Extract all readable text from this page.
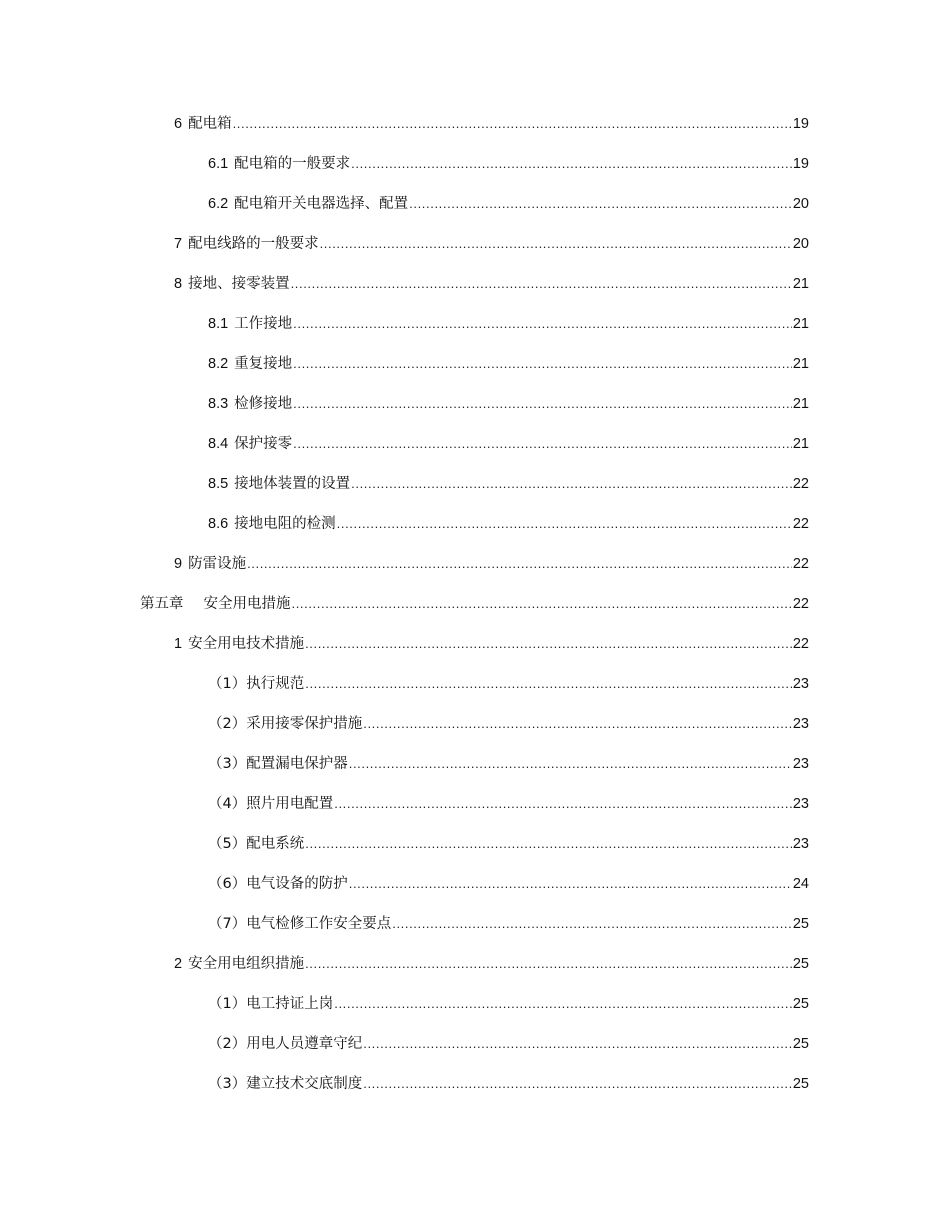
6 配电箱 .....	19
6.1 配电箱的一般要求 .....	19
6.2 配电箱开关电器选择、配置 .....	20
7 配电线路的一般要求 .....	20
8 接地、接零装置 .....	21
8.1 工作接地 .....	21
8.2 重复接地 .....	21
8.3 检修接地 .....	21
8.4 保护接零 .....	21
8.5 接地体装置的设置 .....	22
8.6 接地电阻的检测 .....	22
9 防雷设施 .....	22
第五章 安全用电措施 .....	22
1 安全用电技术措施 .....	22
（1）执行规范 .....	23
（2）采用接零保护措施 .....	23
（3）配置漏电保护器 .....	23
（4）照片用电配置 .....	23
（5）配电系统 .....	23
（6）电气设备的防护 .....	24
（7）电气检修工作安全要点 .....	25
2 安全用电组织措施 .....	25
（1）电工持证上岗 .....	25
（2）用电人员遵章守纪 .....	25
（3）建立技术交底制度 .....	25
